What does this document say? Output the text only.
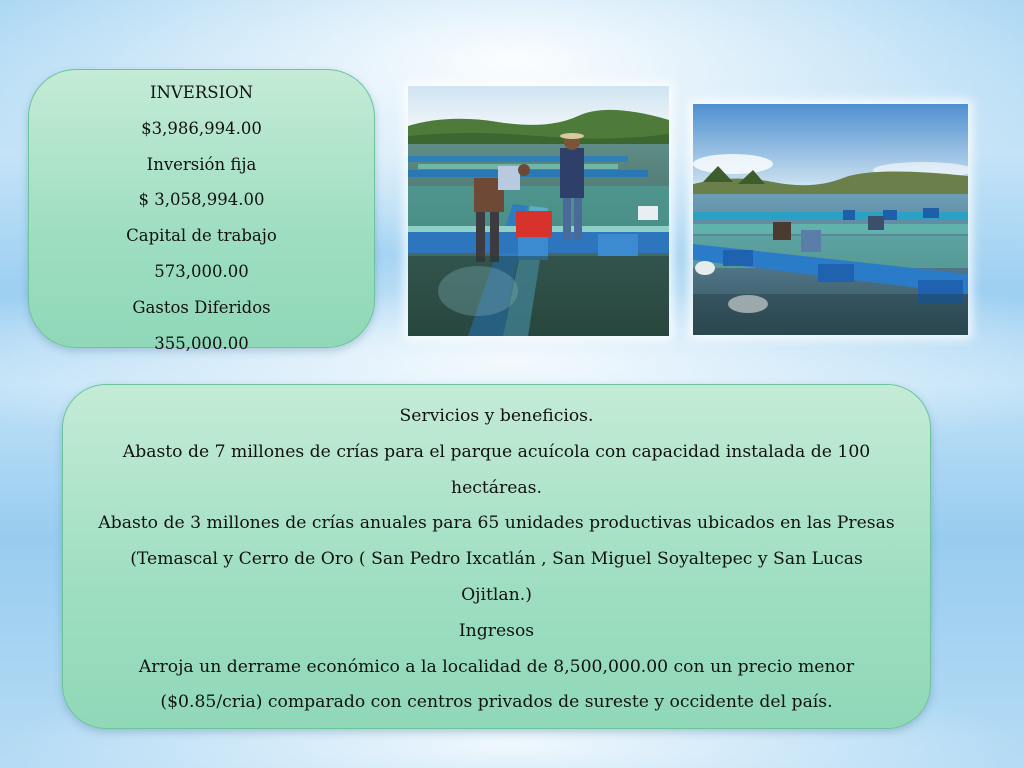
INVERSION
$3,986,994.00
Inversión fija
$ 3,058,994.00
Capital de trabajo
573,000.00
Gastos Diferidos
355,000.00
Servicios y beneficios.
Abasto de 7 millones de crías para el parque acuícola con capacidad instalada de 100 hectáreas.
Abasto de 3 millones de crías anuales para 65 unidades productivas ubicados en las Presas (Temascal y Cerro de Oro ( San Pedro Ixcatlán , San Miguel Soyaltepec y San Lucas Ojitlan.)
Ingresos
Arroja un derrame económico a la localidad de 8,500,000.00 con un precio menor ($0.85/cria) comparado con centros privados de sureste y occidente del país.
